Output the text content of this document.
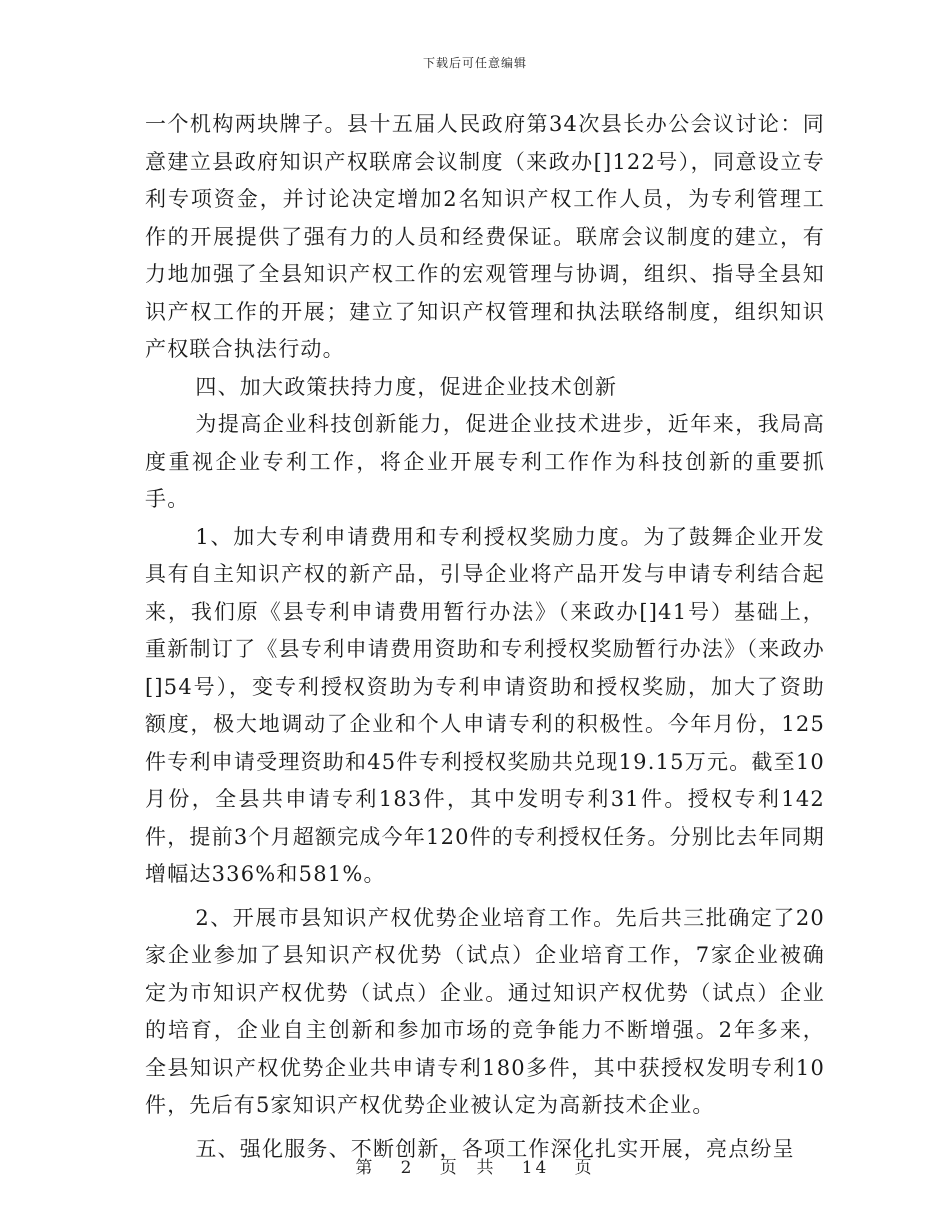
下载后可任意编辑

一个机构两块牌子。县十五届人民政府第34次县长办公会议讨论：同意建立县政府知识产权联席会议制度（来政办[]122号），同意设立专利专项资金，并讨论决定增加2名知识产权工作人员，为专利管理工作的开展提供了强有力的人员和经费保证。联席会议制度的建立，有力地加强了全县知识产权工作的宏观管理与协调，组织、指导全县知识产权工作的开展；建立了知识产权管理和执法联络制度，组织知识产权联合执法行动。

四、加大政策扶持力度，促进企业技术创新

为提高企业科技创新能力，促进企业技术进步，近年来，我局高度重视企业专利工作，将企业开展专利工作作为科技创新的重要抓手。

1、加大专利申请费用和专利授权奖励力度。为了鼓舞企业开发具有自主知识产权的新产品，引导企业将产品开发与申请专利结合起来，我们原《县专利申请费用暂行办法》（来政办[]41号）基础上，重新制订了《县专利申请费用资助和专利授权奖励暂行办法》（来政办[]54号），变专利授权资助为专利申请资助和授权奖励，加大了资助额度，极大地调动了企业和个人申请专利的积极性。今年月份，125件专利申请受理资助和45件专利授权奖励共兑现19.15万元。截至10月份，全县共申请专利183件，其中发明专利31件。授权专利142件，提前3个月超额完成今年120件的专利授权任务。分别比去年同期增幅达336%和581%。

2、开展市县知识产权优势企业培育工作。先后共三批确定了20家企业参加了县知识产权优势（试点）企业培育工作，7家企业被确定为市知识产权优势（试点）企业。通过知识产权优势（试点）企业的培育，企业自主创新和参加市场的竞争能力不断增强。2年多来，全县知识产权优势企业共申请专利180多件，其中获授权发明专利10件，先后有5家知识产权优势企业被认定为高新技术企业。

五、强化服务、不断创新，各项工作深化扎实开展，亮点纷呈

第 2 页  共 14 页
